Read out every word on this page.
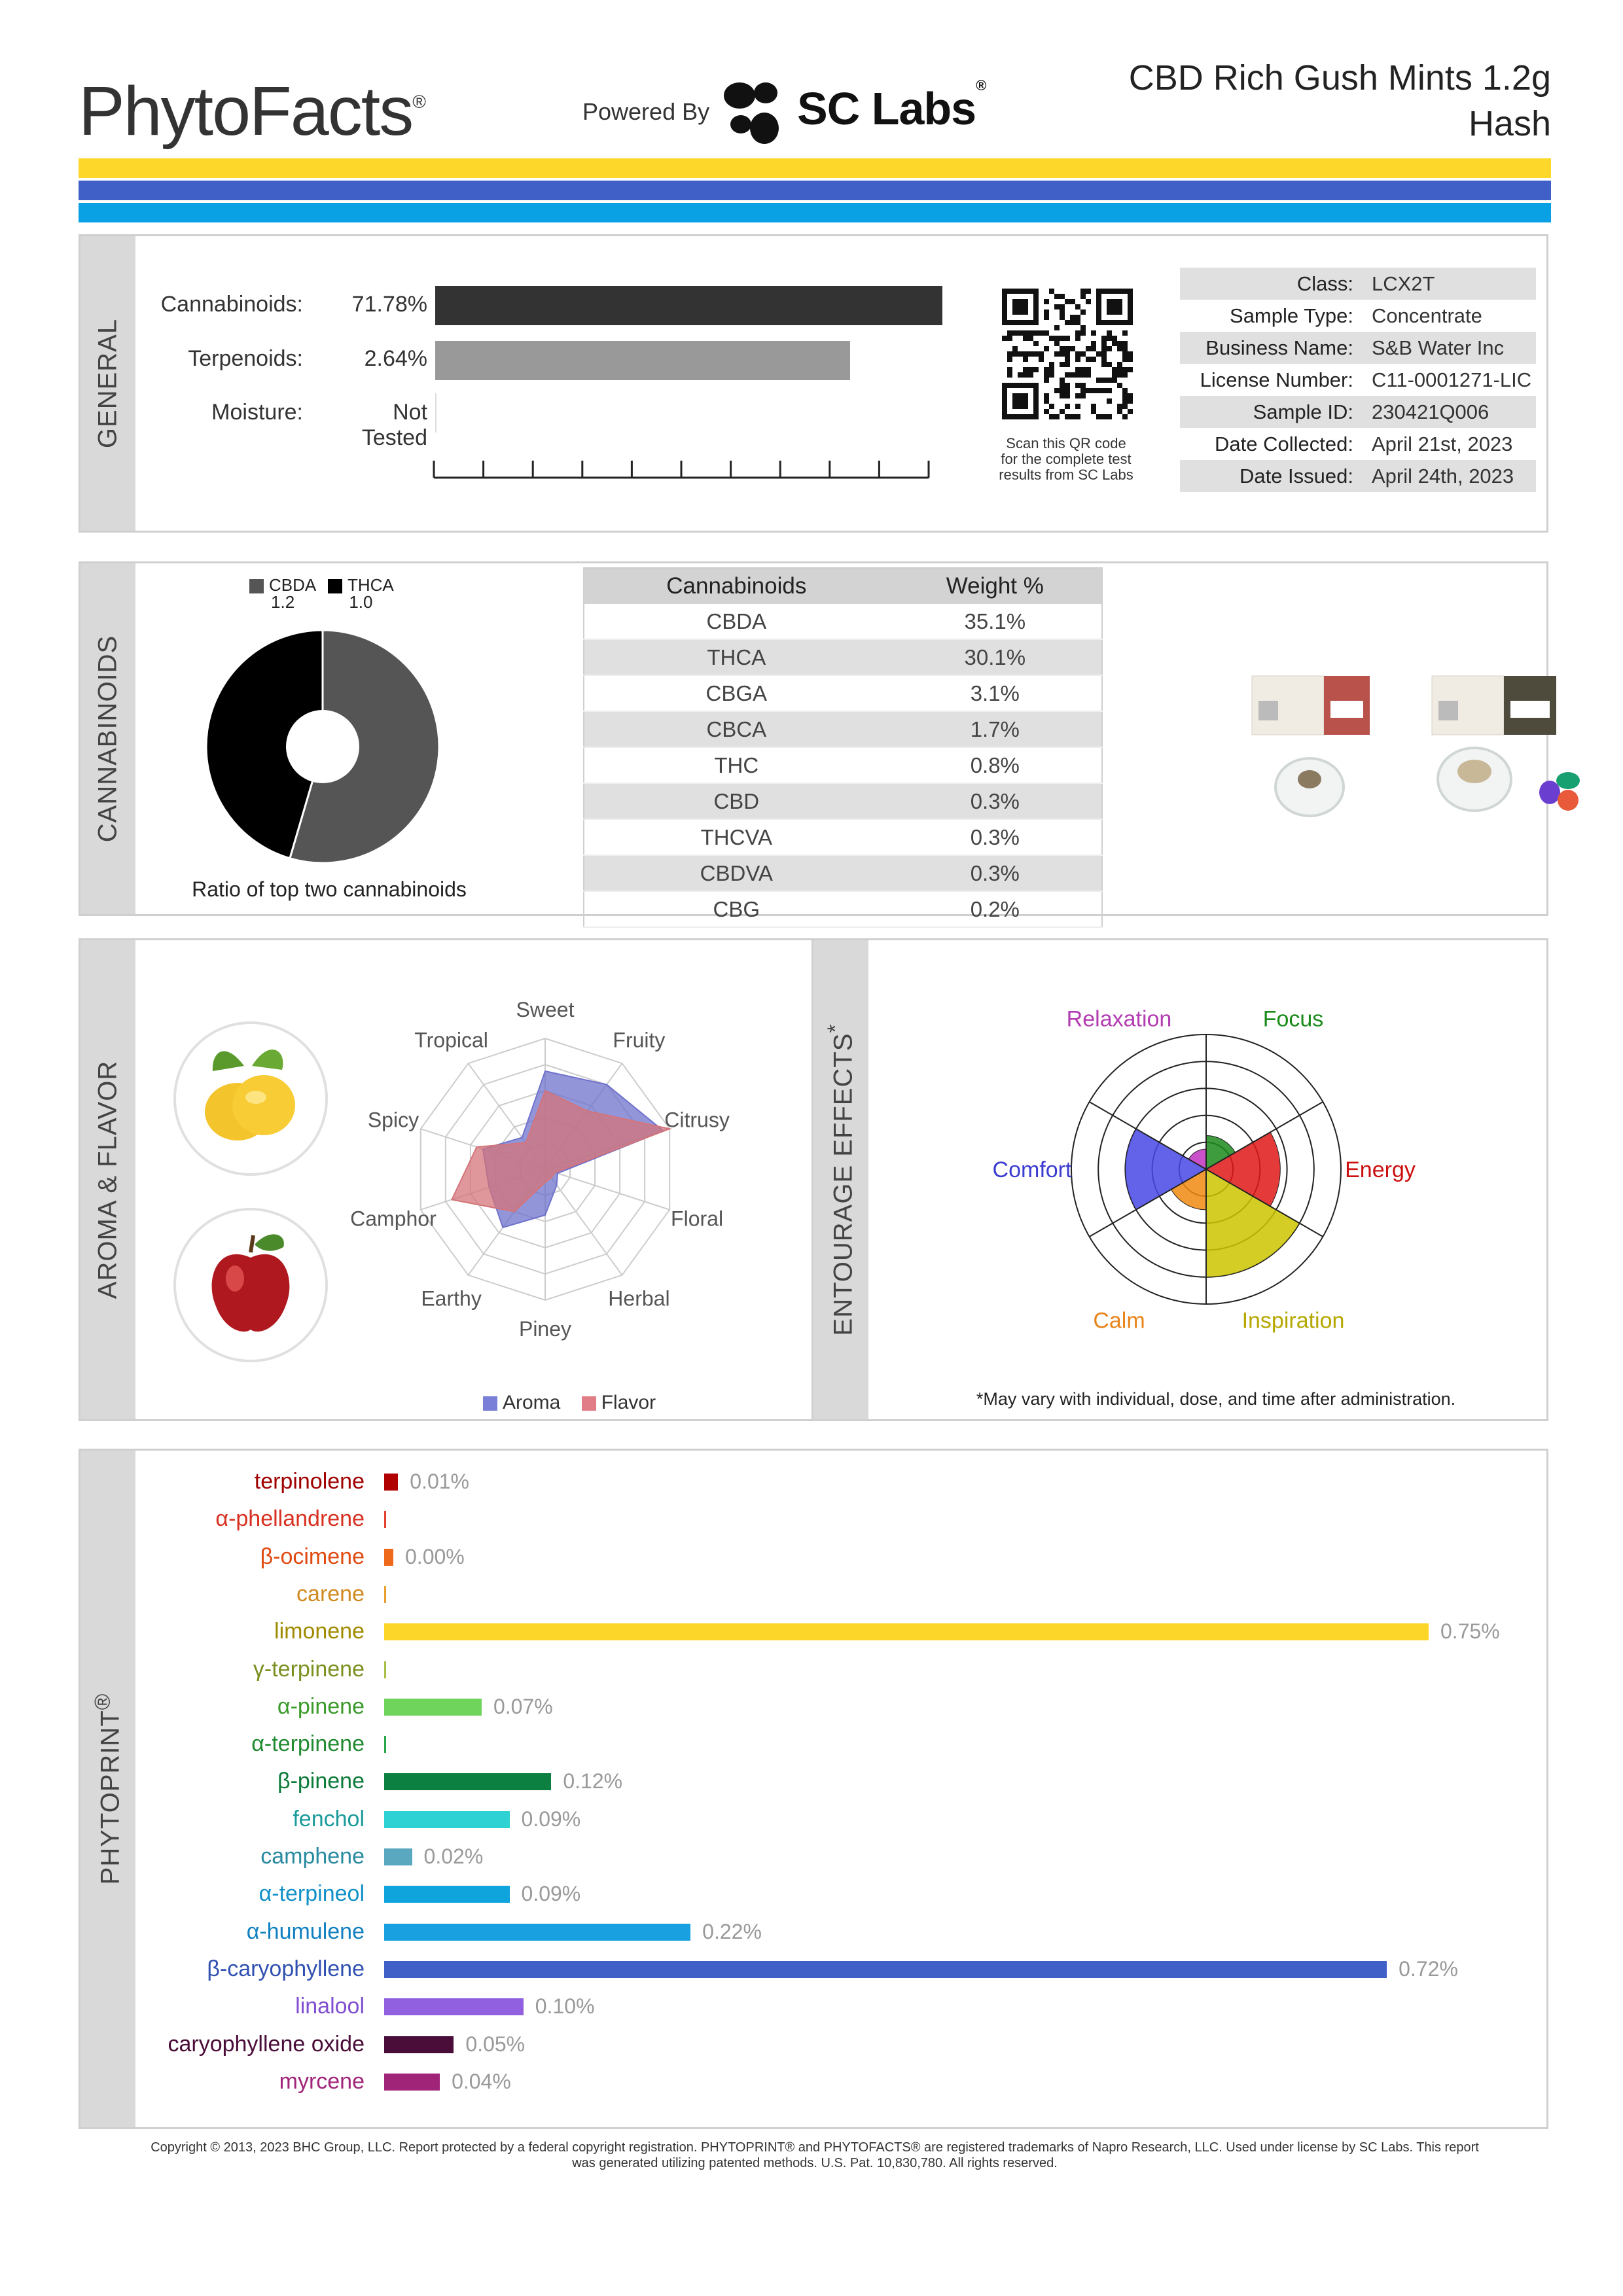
PhytoFacts®	Powered By SC Labs®	CBD Rich Gush Mints 1.2g
Hash
GENERAL
Cannabinoids:	71.78%
Terpenoids:	2.64%
Moisture:	Not Tested	Scan this QR code
for the complete test
results from SC Labs
Class:	LCX2T
Sample Type:	Concentrate
Business Name:	S&B Water Inc
License Number:	C11-0001271-LIC
Sample ID:	230421Q006
Date Collected:	April 21st, 2023
Date Issued:	April 24th, 2023
CANNABINOIDS
CBDA
1.2
THCA
1.0
Ratio of top two cannabinoids
Cannabinoids	Weight %
CBDA	35.1%
THCA	30.1%
CBGA	3.1%
CBCA	1.7%
THC	0.8%
CBD	0.3%
THCVA	0.3%
CBDVA	0.3%
CBG	0.2%
AROMA & FLAVOR
Sweet
Fruity
Citrusy
Floral
Herbal
Piney
Earthy
Camphor
Spicy
Tropical
Aroma Flavor
ENTOURAGE EFFECTS*	Focus
Energy
Inspiration
Calm
Comfort
Relaxation
*May vary with individual, dose, and time after administration.
PHYTOPRINT®
terpinolene 0.01%
α-phellandrene
β-ocimene 0.00%
carene
limonene	0.75%
γ-terpinene
α-pinene	0.07%
α-terpinene
β-pinene	0.12%
fenchol	0.09%
camphene	0.02%
α-terpineol	0.09%
α-humulene	0.22%
β-caryophyllene	0.72%
linalool	0.10%
caryophyllene oxide	0.05%
myrcene	0.04%
Copyright © 2013, 2023 BHC Group, LLC. Report protected by a federal copyright registration. PHYTOPRINT® and PHYTOFACTS® are registered trademarks of Napro Research, LLC. Used under license by SC Labs. This report
was generated utilizing patented methods. U.S. Pat. 10,830,780. All rights reserved.
